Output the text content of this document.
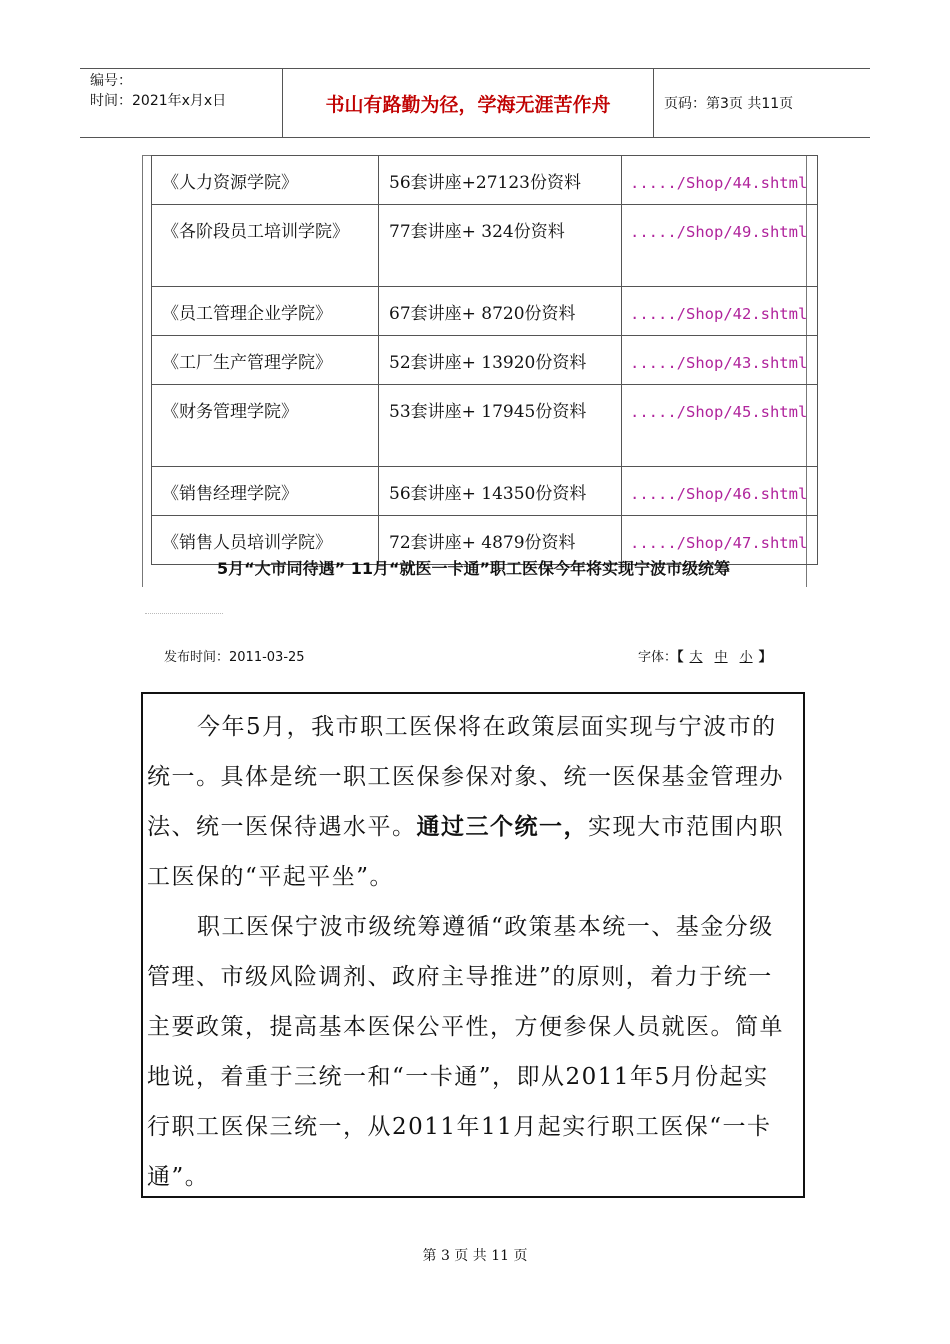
编号：
时间：2021年x月x日	书山有路勤为径，学海无涯苦作舟	页码：第3页 共11页
《人力资源学院》	56套讲座+27123份资料	...../Shop/44.shtml
《各阶段员工培训学院》	77套讲座+ 324份资料	...../Shop/49.shtml
《员工管理企业学院》	67套讲座+ 8720份资料	...../Shop/42.shtml
《工厂生产管理学院》	52套讲座+ 13920份资料	...../Shop/43.shtml
《财务管理学院》	53套讲座+ 17945份资料	...../Shop/45.shtml
《销售经理学院》	56套讲座+ 14350份资料	...../Shop/46.shtml
《销售人员培训学院》	72套讲座+ 4879份资料	...../Shop/47.shtml
5月“大市同待遇” 11月“就医一卡通”职工医保今年将实现宁波市级统筹
发布时间：2011-03-25	字体：【 大 中 小 】

今年5月，我市职工医保将在政策层面实现与宁波市的统一。具体是统一职工医保参保对象、统一医保基金管理办法、统一医保待遇水平。通过三个统一，实现大市范围内职工医保的“平起平坐”。

职工医保宁波市级统筹遵循“政策基本统一、基金分级管理、市级风险调剂、政府主导推进”的原则，着力于统一主要政策，提高基本医保公平性，方便参保人员就医。简单地说，着重于三统一和“一卡通”，即从2011年5月份起实行职工医保三统一，从2011年11月起实行职工医保“一卡通”。

第 3 页 共 11 页
